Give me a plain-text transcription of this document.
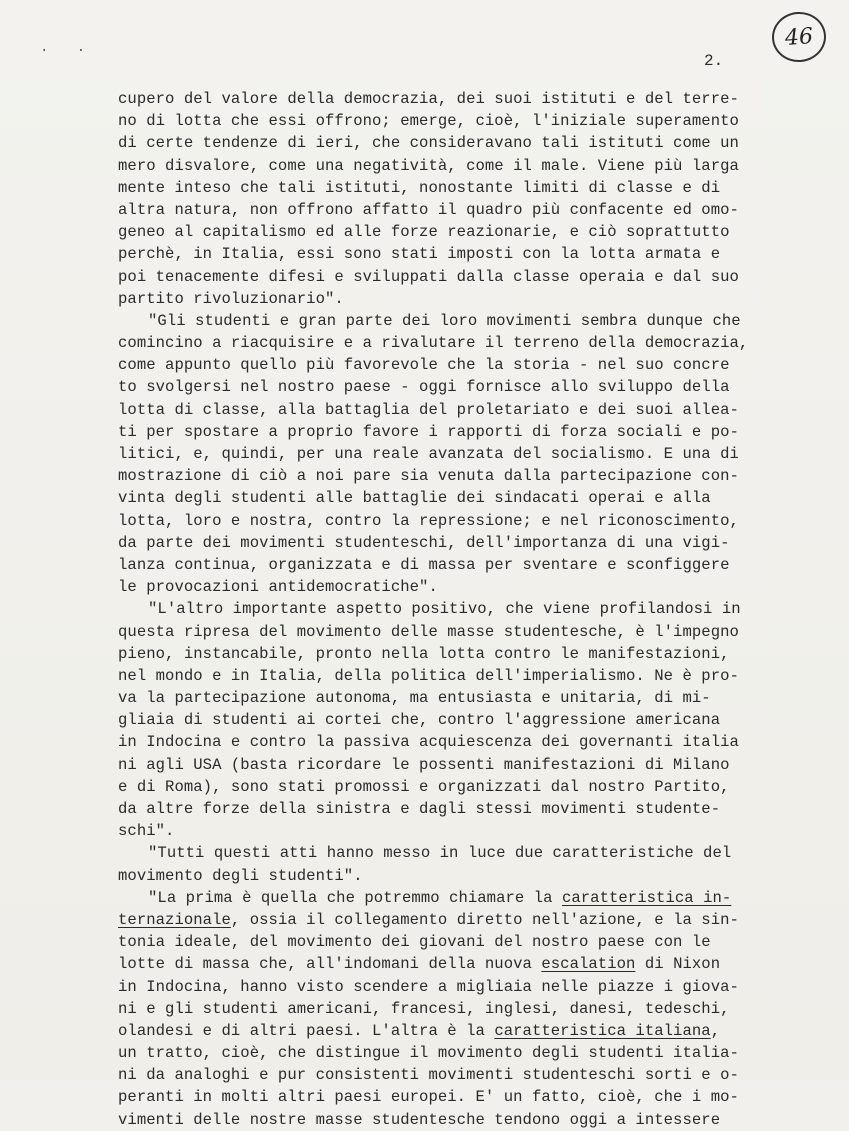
. .
2.
46
cupero del valore della democrazia, dei suoi istituti e del terre-
no di lotta che essi offrono; emerge, cioè, l'iniziale superamento
di certe tendenze di ieri, che consideravano tali istituti come un
mero disvalore, come una negatività, come il male. Viene più larga
mente inteso che tali istituti, nonostante limiti di classe e di
altra natura, non offrono affatto il quadro più confacente ed omo-
geneo al capitalismo ed alle forze reazionarie, e ciò soprattutto
perchè, in Italia, essi sono stati imposti con la lotta armata e
poi tenacemente difesi e sviluppati dalla classe operaia e dal suo
partito rivoluzionario".
"Gli studenti e gran parte dei loro movimenti sembra dunque che
comincino a riacquisire e a rivalutare il terreno della democrazia,
come appunto quello più favorevole che la storia - nel suo concre
to svolgersi nel nostro paese - oggi fornisce allo sviluppo della
lotta di classe, alla battaglia del proletariato e dei suoi allea-
ti per spostare a proprio favore i rapporti di forza sociali e po-
litici, e, quindi, per una reale avanzata del socialismo. E una di
mostrazione di ciò a noi pare sia venuta dalla partecipazione con-
vinta degli studenti alle battaglie dei sindacati operai e alla
lotta, loro e nostra, contro la repressione; e nel riconoscimento,
da parte dei movimenti studenteschi, dell'importanza di una vigi-
lanza continua, organizzata e di massa per sventare e sconfiggere
le provocazioni antidemocratiche".
"L'altro importante aspetto positivo, che viene profilandosi in
questa ripresa del movimento delle masse studentesche, è l'impegno
pieno, instancabile, pronto nella lotta contro le manifestazioni,
nel mondo e in Italia, della politica dell'imperialismo. Ne è pro-
va la partecipazione autonoma, ma entusiasta e unitaria, di mi-
gliaia di studenti ai cortei che, contro l'aggressione americana
in Indocina e contro la passiva acquiescenza dei governanti italia
ni agli USA (basta ricordare le possenti manifestazioni di Milano
e di Roma), sono stati promossi e organizzati dal nostro Partito,
da altre forze della sinistra e dagli stessi movimenti studente-
schi".
"Tutti questi atti hanno messo in luce due caratteristiche del
movimento degli studenti".
"La prima è quella che potremmo chiamare la caratteristica in-
ternazionale, ossia il collegamento diretto nell'azione, e la sin-
tonia ideale, del movimento dei giovani del nostro paese con le
lotte di massa che, all'indomani della nuova escalation di Nixon
in Indocina, hanno visto scendere a migliaia nelle piazze i giova-
ni e gli studenti americani, francesi, inglesi, danesi, tedeschi,
olandesi e di altri paesi. L'altra è la caratteristica italiana,
un tratto, cioè, che distingue il movimento degli studenti italia-
ni da analoghi e pur consistenti movimenti studenteschi sorti e o-
peranti in molti altri paesi europei. E' un fatto, cioè, che i mo-
vimenti delle nostre masse studentesche tendono oggi a intessere
